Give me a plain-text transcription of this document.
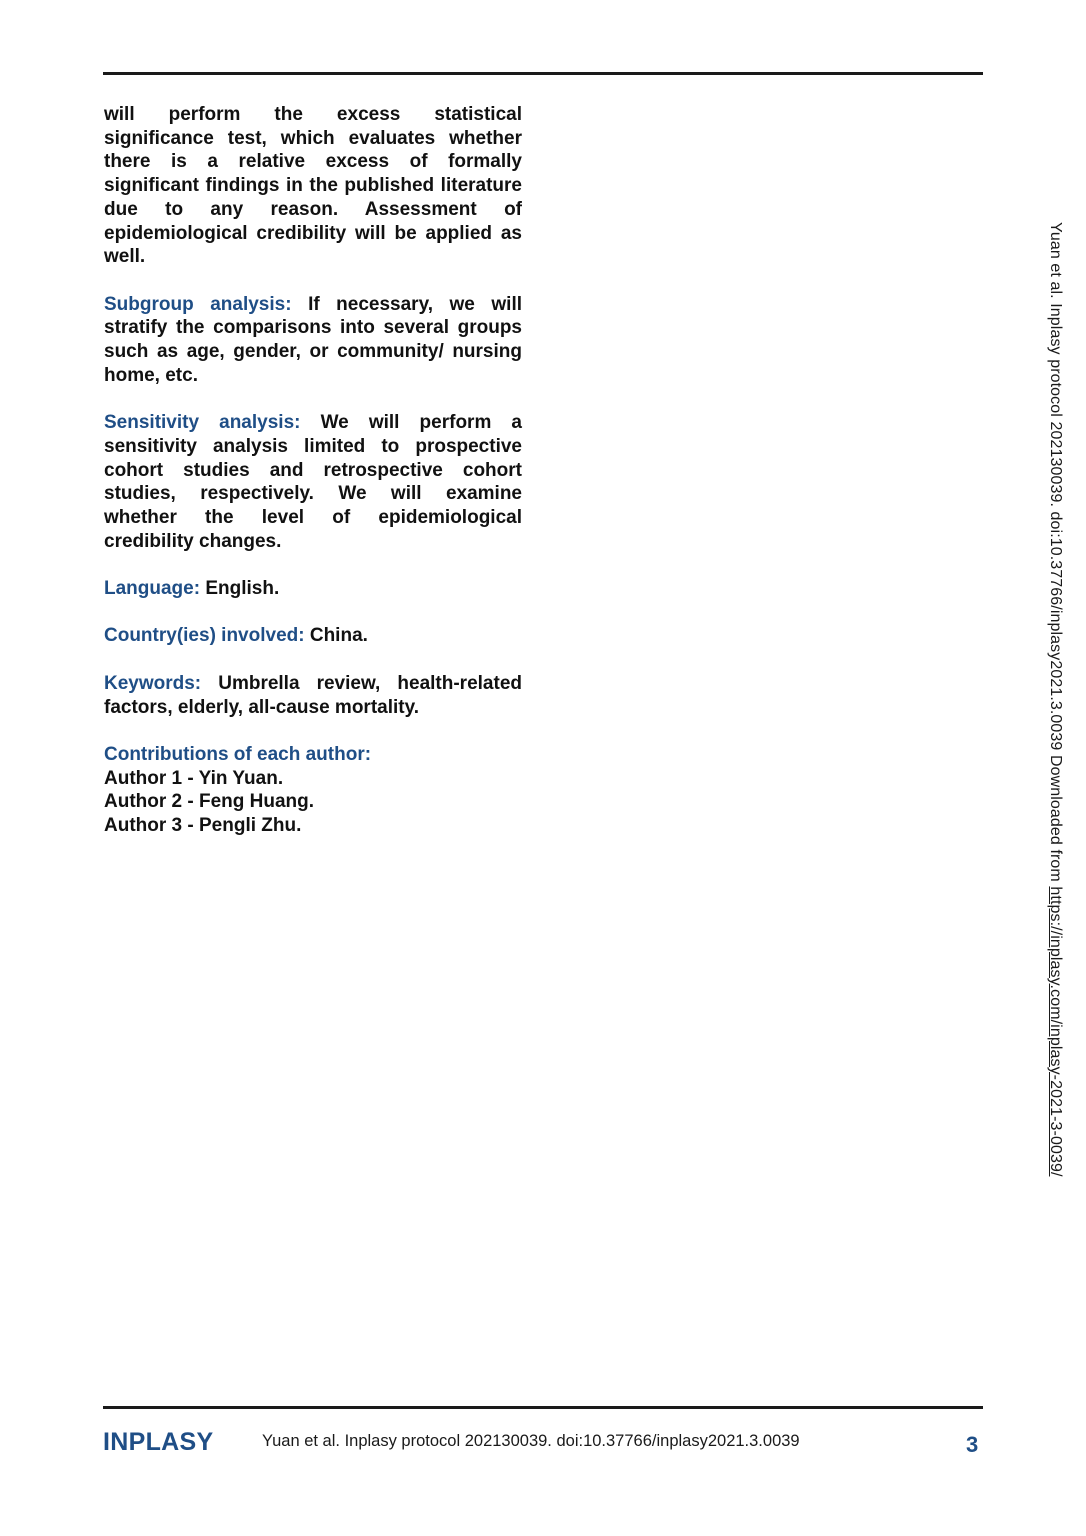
will perform the excess statistical significance test, which evaluates whether there is a relative excess of formally significant findings in the published literature due to any reason. Assessment of epidemiological credibility will be applied as well.

Subgroup analysis: If necessary, we will stratify the comparisons into several groups such as age, gender, or community/ nursing home, etc.

Sensitivity analysis: We will perform a sensitivity analysis limited to prospective cohort studies and retrospective cohort studies, respectively. We will examine whether the level of epidemiological credibility changes.

Language: English.

Country(ies) involved: China.

Keywords: Umbrella review, health-related factors, elderly, all-cause mortality.

Contributions of each author:
Author 1 - Yin Yuan.
Author 2 - Feng Huang.
Author 3 - Pengli Zhu.	Yuan et al. Inplasy protocol 202130039. doi:10.37766/inplasy2021.3.0039 Downloaded from https://inplasy.com/inplasy-2021-3-0039/
INPLASY	Yuan et al. Inplasy protocol 202130039. doi:10.37766/inplasy2021.3.0039	3
